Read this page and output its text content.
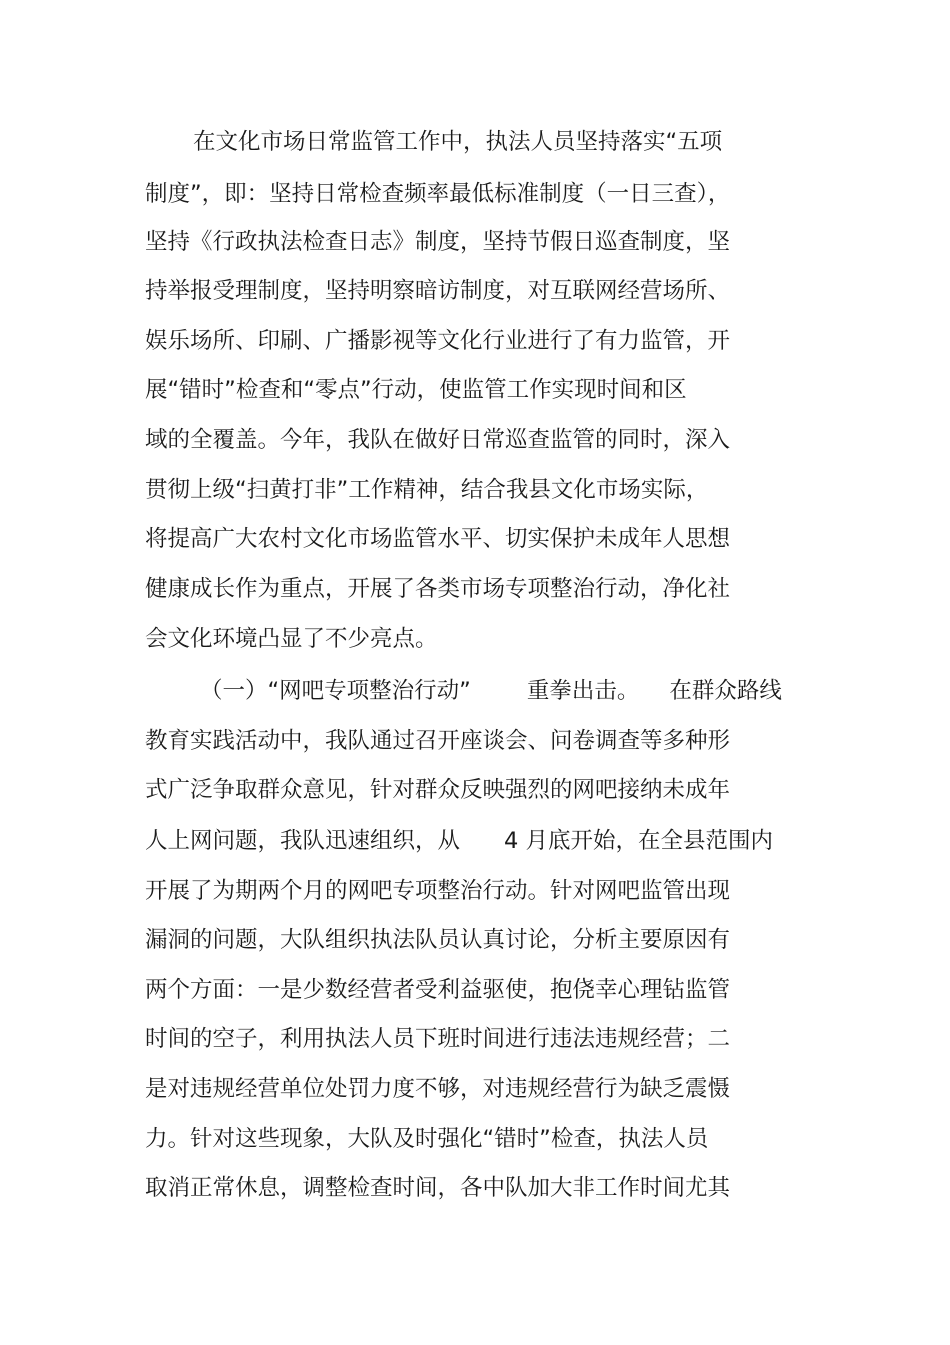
在文化市场日常监管工作中，执法人员坚持落实“五项
制度”，即：坚持日常检查频率最低标准制度（一日三查），
坚持《行政执法检查日志》制度，坚持节假日巡查制度，坚
持举报受理制度，坚持明察暗访制度，对互联网经营场所、
娱乐场所、印刷、广播影视等文化行业进行了有力监管，开
展“错时”检查和“零点”行动，使监管工作实现时间和区
域的全覆盖。今年，我队在做好日常巡查监管的同时，深入
贯彻上级“扫黄打非”工作精神，结合我县文化市场实际，
将提高广大农村文化市场监管水平、切实保护未成年人思想
健康成长作为重点，开展了各类市场专项整治行动，净化社
会文化环境凸显了不少亮点。
（一）“网吧专项整治行动” 重拳出击。 在群众路线
教育实践活动中，我队通过召开座谈会、问卷调查等多种形
式广泛争取群众意见，针对群众反映强烈的网吧接纳未成年
人上网问题，我队迅速组织，从 4 月底开始，在全县范围内
开展了为期两个月的网吧专项整治行动。针对网吧监管出现
漏洞的问题，大队组织执法队员认真讨论，分析主要原因有
两个方面：一是少数经营者受利益驱使，抱侥幸心理钻监管
时间的空子，利用执法人员下班时间进行违法违规经营；二
是对违规经营单位处罚力度不够，对违规经营行为缺乏震慑
力。针对这些现象，大队及时强化“错时”检查，执法人员
取消正常休息，调整检查时间，各中队加大非工作时间尤其
